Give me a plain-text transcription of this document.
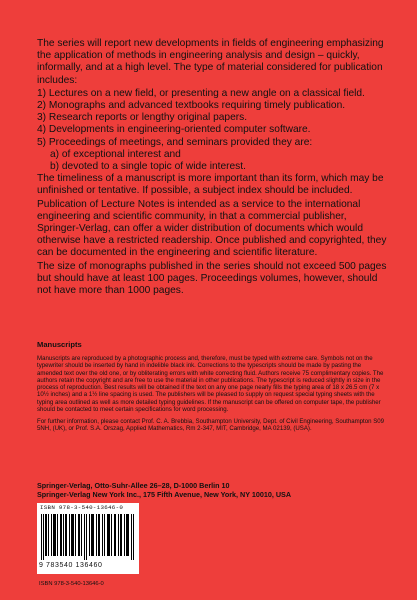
The series will report new developments in fields of engineering emphasizing the application of methods in engineering analysis and design – quickly, informally, and at a high level. The type of material considered for publication includes:

1) Lectures on a new field, or presenting a new angle on a classical field.
2) Monographs and advanced textbooks requiring timely publication.
3) Research reports or lengthy original papers.
4) Developments in engineering-oriented computer software.
5) Proceedings of meetings, and seminars provided they are:
a) of exceptional interest and
b) devoted to a single topic of wide interest.

The timeliness of a manuscript is more important than its form, which may be unfinished or tentative. If possible, a subject index should be included.

Publication of Lecture Notes is intended as a service to the international engineering and scientific community, in that a commercial publisher, Springer-Verlag, can offer a wider distribution of documents which would otherwise have a restricted readership. Once published and copyrighted, they can be documented in the engineering and scientific literature.

The size of monographs published in the series should not exceed 500 pages but should have at least 100 pages. Proceedings volumes, however, should not have more than 1000 pages.

Manuscripts

Manuscripts are reproduced by a photographic process and, therefore, must be typed with extreme care. Symbols not on the typewriter should be inserted by hand in indelible black ink. Corrections to the typescripts should be made by pasting the amended text over the old one, or by obliterating errors with white correcting fluid. Authors receive 75 complimentary copies. The authors retain the copyright and are free to use the material in other publications. The typescript is reduced slightly in size in the process of reproduction. Best results will be obtained if the text on any one page nearly fills the typing area of 18 x 26.5 cm (7 x 10½ inches) and a 1½ line spacing is used. The publishers will be pleased to supply on request special typing sheets with the typing area outlined as well as more detailed typing guidelines. If the manuscript can be offered on computer tape, the publisher should be contacted to meet certain specifications for word processing.

For further information, please contact Prof. C. A. Brebbia, Southampton University, Dept. of Civil Engineering, Southampton S09 5NH, (UK), or Prof. S.A. Orszag, Applied Mathematics, Rm 2-347, MIT, Cambridge, MA 02139, (USA).

Springer-Verlag, Otto-Suhr-Allee 26–28, D-1000 Berlin 10
Springer-Verlag New York Inc., 175 Fifth Avenue, New York, NY 10010, USA
ISBN 978-3-540-13646-0
9 783540 136460
ISBN 978-3-540-13646-0
